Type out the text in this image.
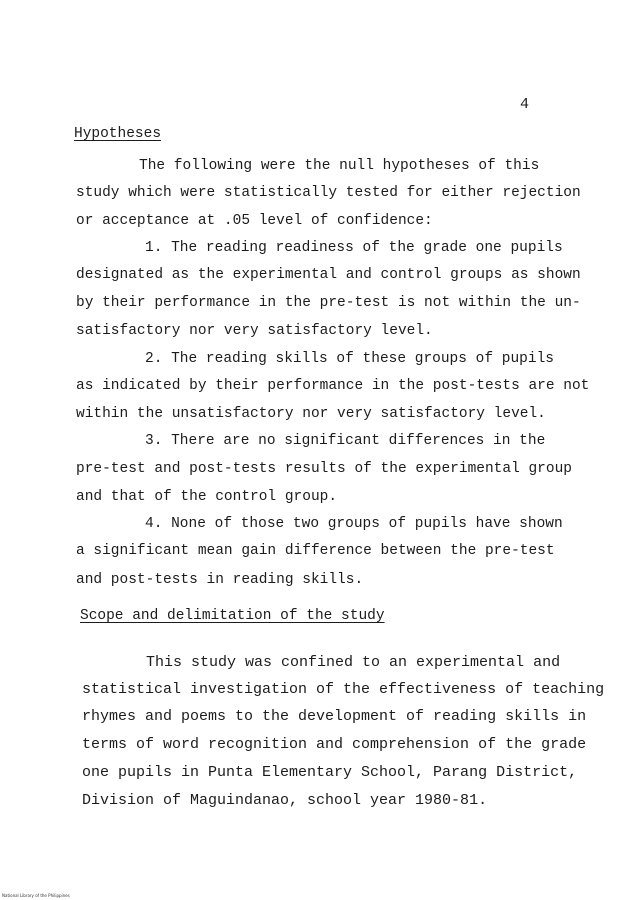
4
Hypotheses
The following were the null hypotheses of this
study which were statistically tested for either rejection
or acceptance at .05 level of confidence:
1. The reading readiness of the grade one pupils
designated as the experimental and control groups as shown
by their performance in the pre-test is not within the un-
satisfactory nor very satisfactory level.
2. The reading skills of these groups of pupils
as indicated by their performance in the post-tests are not
within the unsatisfactory nor very satisfactory level.
3. There are no significant differences in the
pre-test and post-tests results of the experimental group
and that of the control group.
4. None of those two groups of pupils have shown
a significant mean gain difference between the pre-test
and post-tests in reading skills.
Scope and delimitation of the study
This study was confined to an experimental and
statistical investigation of the effectiveness of teaching
rhymes and poems to the development of reading skills in
terms of word recognition and comprehension of the grade
one pupils in Punta Elementary School, Parang District,
Division of Maguindanao, school year 1980-81.
National Library of the Philippines
